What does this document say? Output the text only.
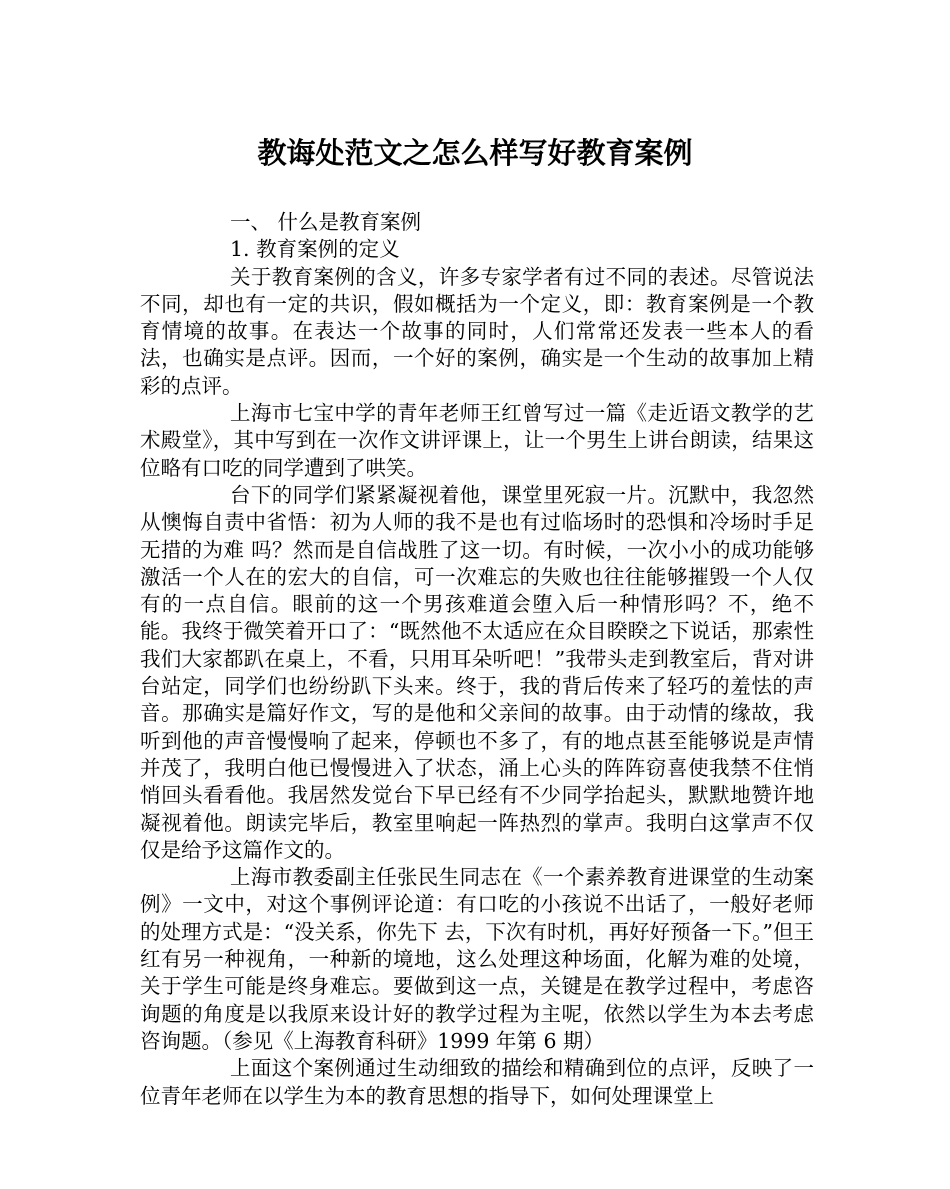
教诲处范文之怎么样写好教育案例

一、 什么是教育案例

1. 教育案例的定义

关于教育案例的含义，许多专家学者有过不同的表述。尽管说法不同，却也有一定的共识，假如概括为一个定义，即：教育案例是一个教育情境的故事。在表达一个故事的同时，人们常常还发表一些本人的看法，也确实是点评。因而，一个好的案例，确实是一个生动的故事加上精彩的点评。

上海市七宝中学的青年老师王红曾写过一篇《走近语文教学的艺术殿堂》，其中写到在一次作文讲评课上，让一个男生上讲台朗读，结果这位略有口吃的同学遭到了哄笑。

台下的同学们紧紧凝视着他，课堂里死寂一片。沉默中，我忽然从懊悔自责中省悟：初为人师的我不是也有过临场时的恐惧和冷场时手足无措的为难 吗？然而是自信战胜了这一切。有时候，一次小小的成功能够激活一个人在的宏大的自信，可一次难忘的失败也往往能够摧毁一个人仅有的一点自信。眼前的这一个男孩难道会堕入后一种情形吗？不，绝不能。我终于微笑着开口了：“既然他不太适应在众目睽睽之下说话，那索性我们大家都趴在桌上，不看，只用耳朵听吧！”我带头走到教室后，背对讲台站定，同学们也纷纷趴下头来。终于，我的背后传来了轻巧的羞怯的声音。那确实是篇好作文，写的是他和父亲间的故事。由于动情的缘故，我听到他的声音慢慢响了起来，停顿也不多了，有的地点甚至能够说是声情并茂了，我明白他已慢慢进入了状态，涌上心头的阵阵窃喜使我禁不住悄悄回头看看他。我居然发觉台下早已经有不少同学抬起头，默默地赞许地凝视着他。朗读完毕后，教室里响起一阵热烈的掌声。我明白这掌声不仅仅是给予这篇作文的。

上海市教委副主任张民生同志在《一个素养教育进课堂的生动案例》一文中，对这个事例评论道：有口吃的小孩说不出话了，一般好老师的处理方式是：“没关系，你先下 去，下次有时机，再好好预备一下。”但王红有另一种视角，一种新的境地，这么处理这种场面，化解为难的处境，关于学生可能是终身难忘。要做到这一点，关键是在教学过程中，考虑咨询题的角度是以我原来设计好的教学过程为主呢，依然以学生为本去考虑咨询题。（参见《上海教育科研》1999 年第 6 期）

上面这个案例通过生动细致的描绘和精确到位的点评，反映了一位青年老师在以学生为本的教育思想的指导下，如何处理课堂上
